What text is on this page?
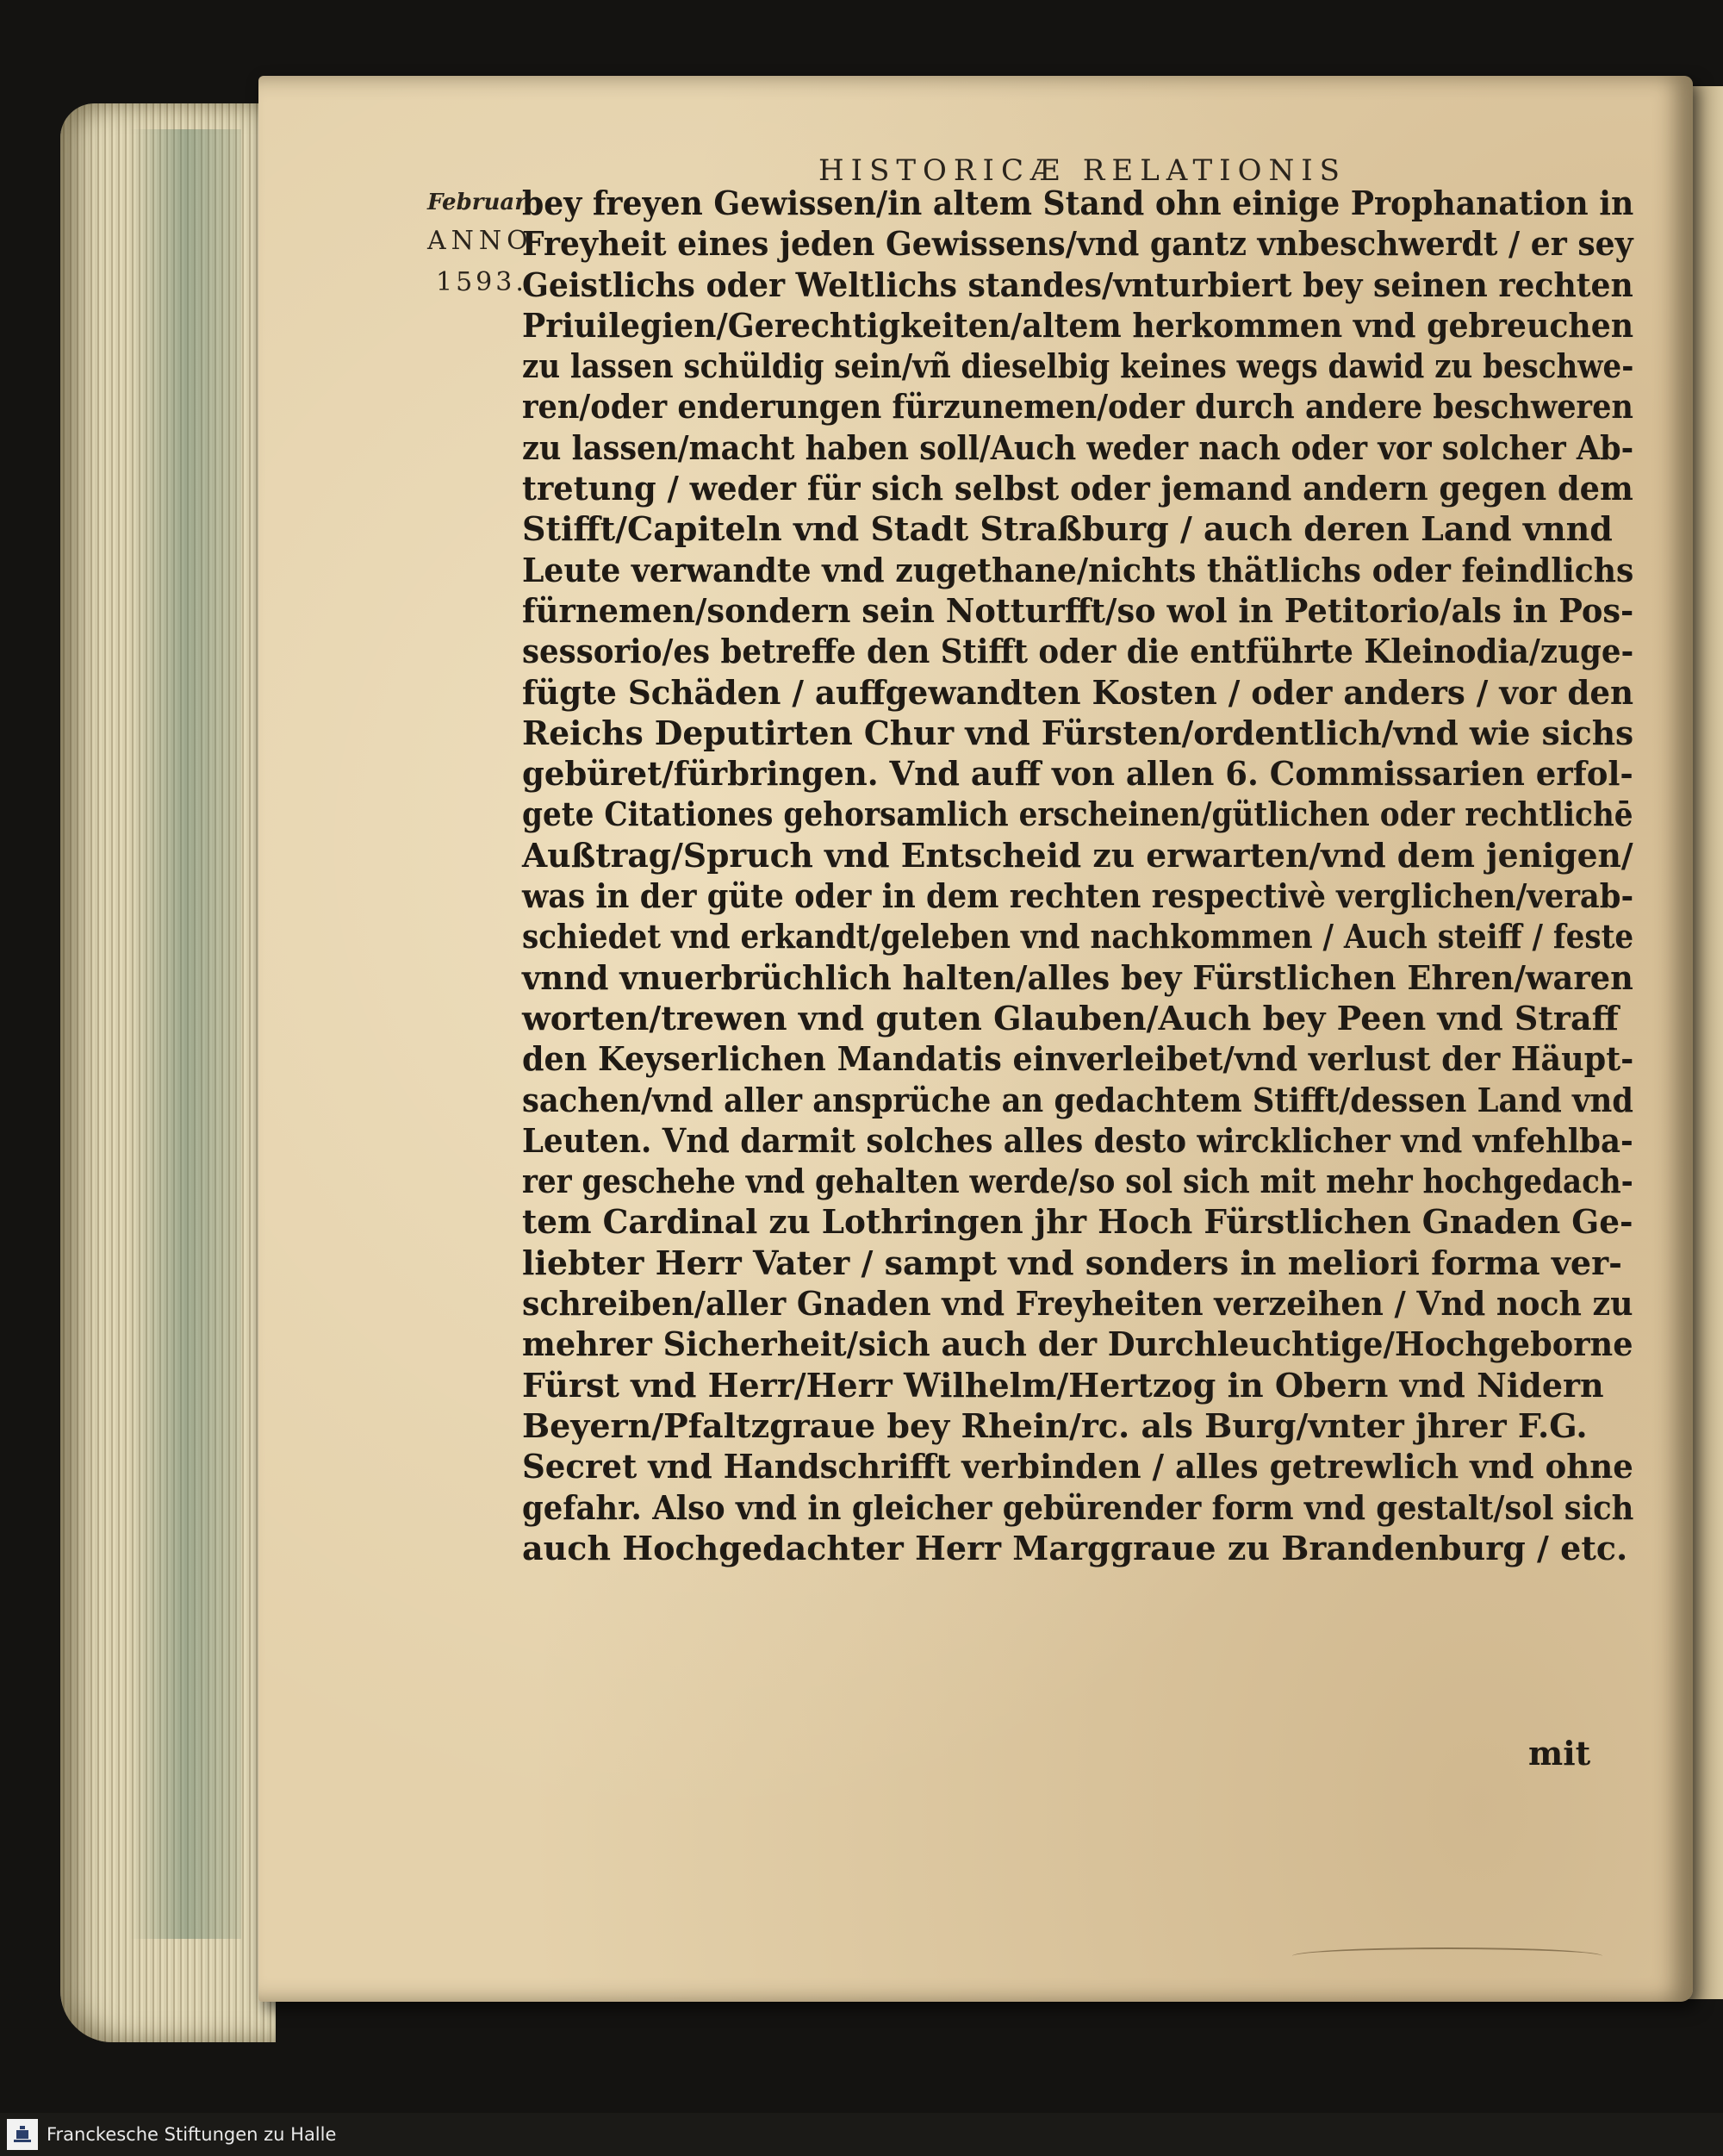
HISTORICÆ RELATIONIS
Februar.
ANNO
1593.
bey freyen Gewissen/in altem Stand ohn einige Prophanation in
Freyheit eines jeden Gewissens/vnd gantz vnbeschwerdt / er sey
Geistlichs oder Weltlichs standes/vnturbiert bey seinen rechten
Priuilegien/Gerechtigkeiten/altem herkommen vnd gebreuchen
zu lassen schüldig sein/vñ dieselbig keines wegs dawid zu beschwe-
ren/oder enderungen fürzunemen/oder durch andere beschweren
zu lassen/macht haben soll/Auch weder nach oder vor solcher Ab-
tretung / weder für sich selbst oder jemand andern gegen dem
Stifft/Capiteln vnd Stadt Straßburg / auch deren Land vnnd
Leute verwandte vnd zugethane/nichts thätlichs oder feindlichs
fürnemen/sondern sein Notturfft/so wol in Petitorio/als in Pos-
sessorio/es betreffe den Stifft oder die entführte Kleinodia/zuge-
fügte Schäden / auffgewandten Kosten / oder anders / vor den
Reichs Deputirten Chur vnd Fürsten/ordentlich/vnd wie sichs
gebüret/fürbringen. Vnd auff von allen 6. Commissarien erfol-
gete Citationes gehorsamlich erscheinen/gütlichen oder rechtlichē
Außtrag/Spruch vnd Entscheid zu erwarten/vnd dem jenigen/
was in der güte oder in dem rechten respectivè verglichen/verab-
schiedet vnd erkandt/geleben vnd nachkommen / Auch steiff / feste
vnnd vnuerbrüchlich halten/alles bey Fürstlichen Ehren/waren
worten/trewen vnd guten Glauben/Auch bey Peen vnd Straff
den Keyserlichen Mandatis einverleibet/vnd verlust der Häupt-
sachen/vnd aller ansprüche an gedachtem Stifft/dessen Land vnd
Leuten. Vnd darmit solches alles desto wircklicher vnd vnfehlba-
rer geschehe vnd gehalten werde/so sol sich mit mehr hochgedach-
tem Cardinal zu Lothringen jhr Hoch Fürstlichen Gnaden Ge-
liebter Herr Vater / sampt vnd sonders in meliori forma ver-
schreiben/aller Gnaden vnd Freyheiten verzeihen / Vnd noch zu
mehrer Sicherheit/sich auch der Durchleuchtige/Hochgeborne
Fürst vnd Herr/Herr Wilhelm/Hertzog in Obern vnd Nidern
Beyern/Pfaltzgraue bey Rhein/rc. als Burg/vnter jhrer F.G.
Secret vnd Handschrifft verbinden / alles getrewlich vnd ohne
gefahr. Also vnd in gleicher gebürender form vnd gestalt/sol sich
auch Hochgedachter Herr Marggraue zu Brandenburg / etc.
mit
Franckesche Stiftungen zu Halle
